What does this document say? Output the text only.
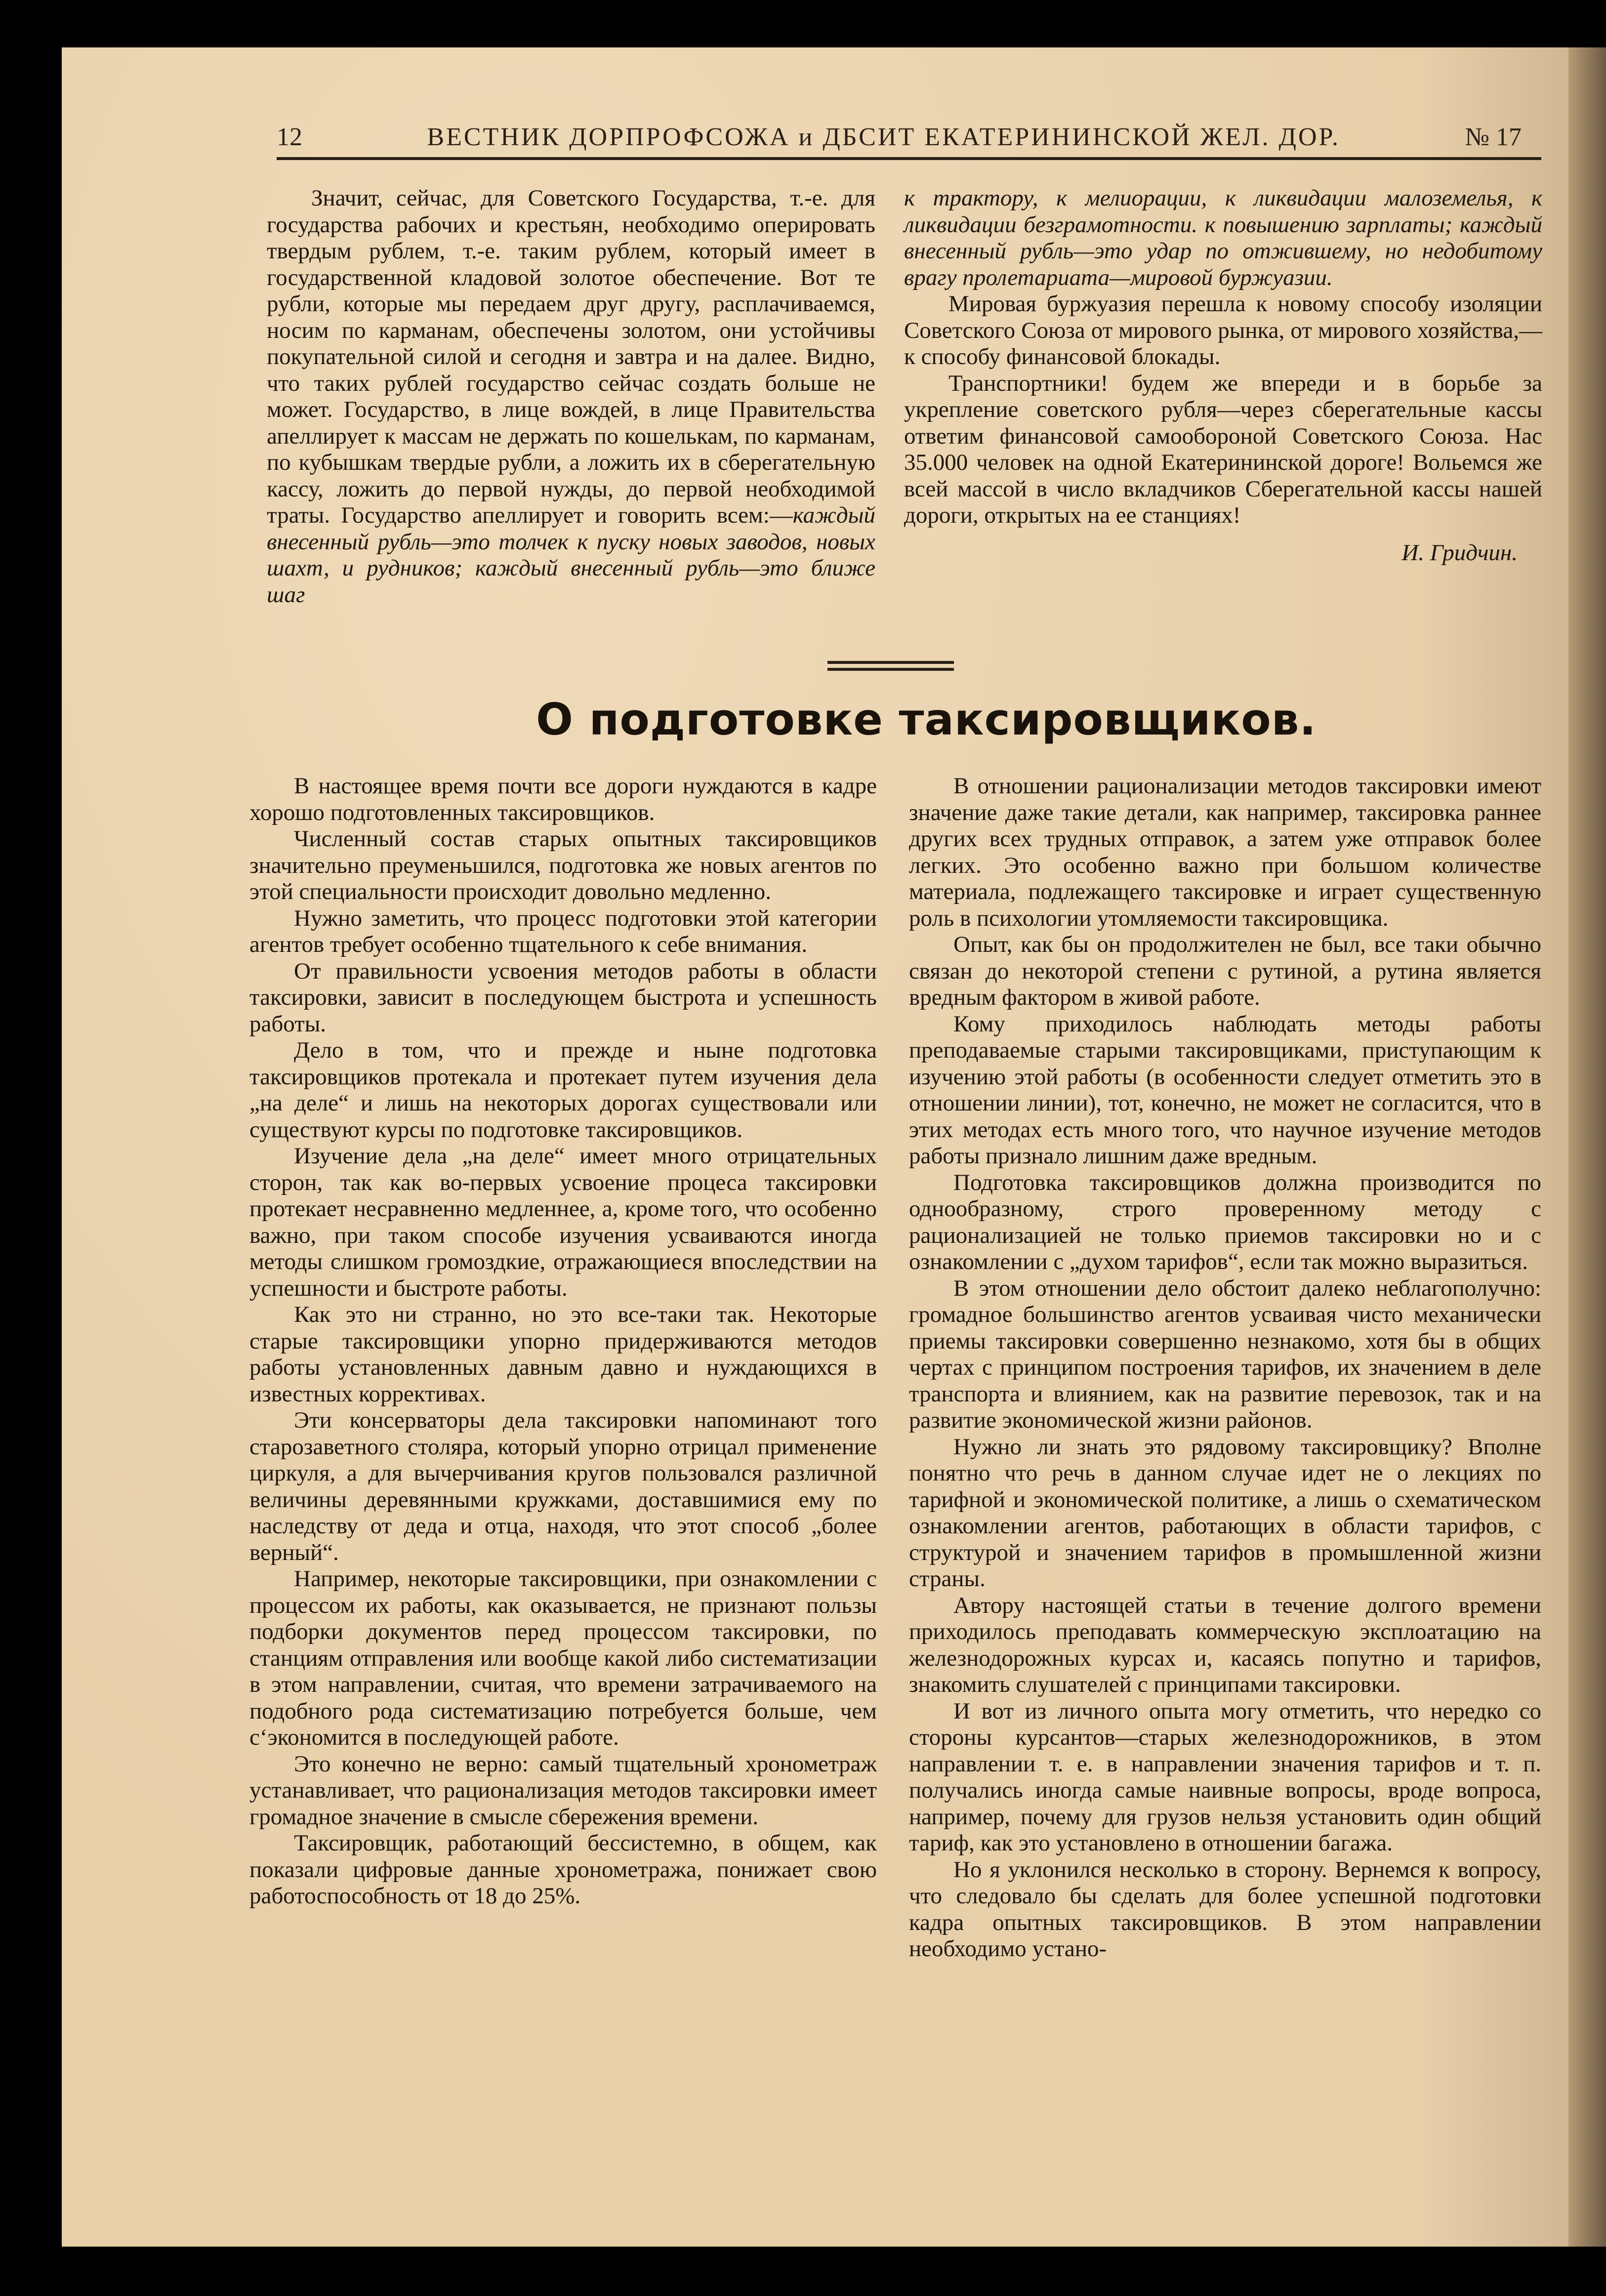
12	ВЕСТНИК ДОРПРОФСОЖА и ДБСИТ ЕКАТЕРИНИНСКОЙ ЖЕЛ. ДОР.	№ 17

Значит, сейчас, для Советского Государства, т.-е. для государства рабочих и крестьян, необходимо оперировать твердым рублем, т.-е. таким рублем, который имеет в государственной кладовой золотое обеспечение. Вот те рубли, которые мы передаем друг другу, расплачиваемся, носим по карманам, обеспечены золотом, они устойчивы покупательной силой и сегодня и завтра и на далее. Видно, что таких рублей государство сейчас создать больше не может. Государство, в лице вождей, в лице Правительства апеллирует к массам не держать по кошелькам, по карманам, по кубышкам твердые рубли, а ложить их в сберегательную кассу, ложить до первой нужды, до первой необходимой траты. Государство апеллирует и говорить всем:—каждый внесенный рубль—это толчек к пуску новых заводов, новых шахт, и рудников; каждый внесенный рубль—это ближе шаг

к трактору, к мелиорации, к ликвидации малоземелья, к ликвидации безграмотности. к повышению зарплаты; каждый внесенный рубль—это удар по отжившему, но недобитому врагу пролетариата—мировой буржуазии.

Мировая буржуазия перешла к новому способу изоляции Советского Союза от мирового рынка, от мирового хозяйства,—к способу финансовой блокады.

Транспортники! будем же впереди и в борьбе за укрепление советского рубля—через сберегательные кассы ответим финансовой самообороной Советского Союза. Нас 35.000 человек на одной Екатерининской дороге! Вольемся же всей массой в число вкладчиков Сберегательной кассы нашей дороги, открытых на ее станциях!

И. Гридчин.
О подготовке таксировщиков.

В настоящее время почти все дороги нуждаются в кадре хорошо подготовленных таксировщиков.

Численный состав старых опытных таксировщиков значительно преуменьшился, подготовка же новых агентов по этой специальности происходит довольно медленно.

Нужно заметить, что процесс подготовки этой категории агентов требует особенно тщательного к себе внимания.

От правильности усвоения методов работы в области таксировки, зависит в последующем быстрота и успешность работы.

Дело в том, что и прежде и ныне подготовка таксировщиков протекала и протекает путем изучения дела „на деле“ и лишь на некоторых дорогах существовали или существуют курсы по подготовке таксировщиков.

Изучение дела „на деле“ имеет много отрицательных сторон, так как во-первых усвоение процеса таксировки протекает несравненно медленнее, а, кроме того, что особенно важно, при таком способе изучения усваиваются иногда методы слишком громоздкие, отражающиеся впоследствии на успешности и быстроте работы.

Как это ни странно, но это все-таки так. Некоторые старые таксировщики упорно придерживаются методов работы установленных давным давно и нуждающихся в известных коррективах.

Эти консерваторы дела таксировки напоминают того старозаветного столяра, который упорно отрицал применение циркуля, а для вычерчивания кругов пользовался различной величины деревянными кружками, доставшимися ему по наследству от деда и отца, находя, что этот способ „более верный“.

Например, некоторые таксировщики, при ознакомлении с процессом их работы, как оказывается, не признают пользы подборки документов перед процессом таксировки, по станциям отправления или вообще какой либо систематизации в этом направлении, считая, что времени затрачиваемого на подобного рода систематизацию потребуется больше, чем с‘экономится в последующей работе.

Это конечно не верно: самый тщательный хронометраж устанавливает, что рационализация методов таксировки имеет громадное значение в смысле сбережения времени.

Таксировщик, работающий бессистемно, в общем, как показали цифровые данные хронометража, понижает свою работоспособность от 18 до 25%.

В отношении рационализации методов таксировки имеют значение даже такие детали, как например, таксировка раннее других всех трудных отправок, а затем уже отправок более легких. Это особенно важно при большом количестве материала, подлежащего таксировке и играет существенную роль в психологии утомляемости таксировщика.

Опыт, как бы он продолжителен не был, все таки обычно связан до некоторой степени с рутиной, а рутина является вредным фактором в живой работе.

Кому приходилось наблюдать методы работы преподаваемые старыми таксировщиками, приступающим к изучению этой работы (в особенности следует отметить это в отношении линии), тот, конечно, не может не согласится, что в этих методах есть много того, что научное изучение методов работы признало лишним даже вредным.

Подготовка таксировщиков должна производится по однообразному, строго проверенному методу с рационализацией не только приемов таксировки но и с ознакомлении с „духом тарифов“, если так можно выразиться.

В этом отношении дело обстоит далеко неблагополучно: громадное большинство агентов усваивая чисто механически приемы таксировки совершенно незнакомо, хотя бы в общих чертах с принципом построения тарифов, их значением в деле транспорта и влиянием, как на развитие перевозок, так и на развитие экономической жизни районов.

Нужно ли знать это рядовому таксировщику? Вполне понятно что речь в данном случае идет не о лекциях по тарифной и экономической политике, а лишь о схематическом ознакомлении агентов, работающих в области тарифов, с структурой и значением тарифов в промышленной жизни страны.

Автору настоящей статьи в течение долгого времени приходилось преподавать коммерческую эксплоатацию на железнодорожных курсах и, касаясь попутно и тарифов, знакомить слушателей с принципами таксировки.

И вот из личного опыта могу отметить, что нередко со стороны курсантов—старых железнодорожников, в этом направлении т. е. в направлении значения тарифов и т. п. получались иногда самые наивные вопросы, вроде вопроса, например, почему для грузов нельзя установить один общий тариф, как это установлено в отношении багажа.

Но я уклонился несколько в сторону. Вернемся к вопросу, что следовало бы сделать для более успешной подготовки кадра опытных таксировщиков. В этом направлении необходимо устано-
